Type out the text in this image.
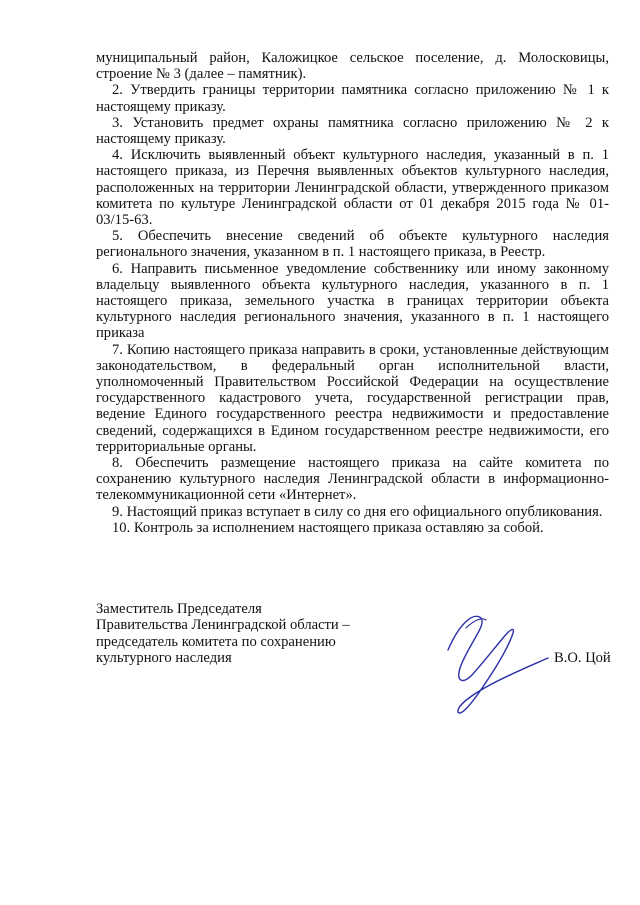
муниципальный район, Каложицкое сельское поселение, д. Молосковицы, строение № 3 (далее – памятник).

2. Утвердить границы территории памятника согласно приложению № 1 к настоящему приказу.

3. Установить предмет охраны памятника согласно приложению № 2 к настоящему приказу.

4. Исключить выявленный объект культурного наследия, указанный в п. 1 настоящего приказа, из Перечня выявленных объектов культурного наследия, расположенных на территории Ленинградской области, утвержденного приказом комитета по культуре Ленинградской области от 01 декабря 2015 года № 01-03/15-63.

5. Обеспечить внесение сведений об объекте культурного наследия регионального значения, указанном в п. 1 настоящего приказа, в Реестр.

6. Направить письменное уведомление собственнику или иному законному владельцу выявленного объекта культурного наследия, указанного в п. 1 настоящего приказа, земельного участка в границах территории объекта культурного наследия регионального значения, указанного в п. 1 настоящего приказа

7. Копию настоящего приказа направить в сроки, установленные действующим законодательством, в федеральный орган исполнительной власти, уполномоченный Правительством Российской Федерации на осуществление государственного кадастрового учета, государственной регистрации прав, ведение Единого государственного реестра недвижимости и предоставление сведений, содержащихся в Едином государственном реестре недвижимости, его территориальные органы.

8. Обеспечить размещение настоящего приказа на сайте комитета по сохранению культурного наследия Ленинградской области в информационно-телекоммуникационной сети «Интернет».

9. Настоящий приказ вступает в силу со дня его официального опубликования.

10. Контроль за исполнением настоящего приказа оставляю за собой.

Заместитель Председателя
Правительства Ленинградской области –
председатель комитета по сохранению
культурного наследия	В.О. Цой
